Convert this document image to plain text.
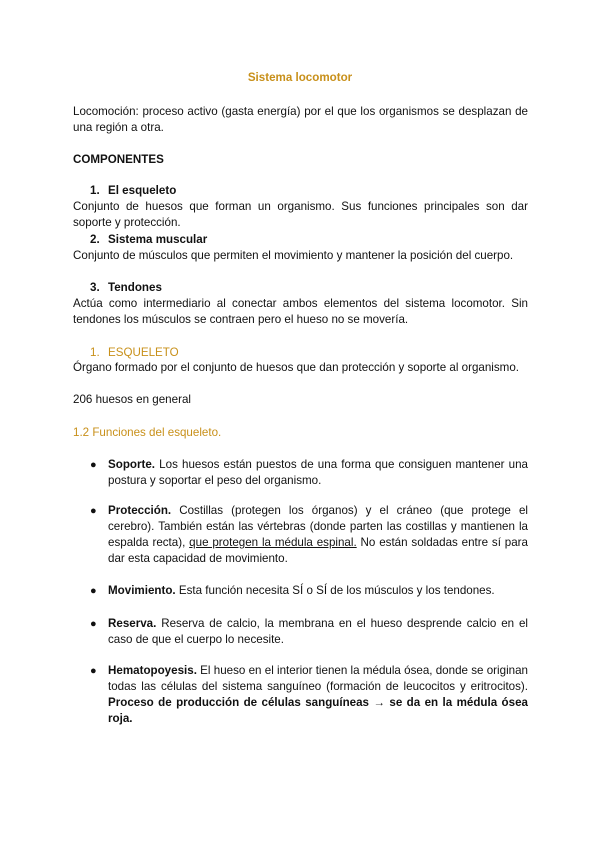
Sistema locomotor
Locomoción: proceso activo (gasta energía) por el que los organismos se desplazan de una región a otra.
COMPONENTES
1. El esqueleto
Conjunto de huesos que forman un organismo. Sus funciones principales son dar soporte y protección.
2. Sistema muscular
Conjunto de músculos que permiten el movimiento y mantener la posición del cuerpo.
3. Tendones
Actúa como intermediario al conectar ambos elementos del sistema locomotor. Sin tendones los músculos se contraen pero el hueso no se movería.
1. ESQUELETO
Órgano formado por el conjunto de huesos que dan protección y soporte al organismo.
206 huesos en general
1.2 Funciones del esqueleto.
● Soporte. Los huesos están puestos de una forma que consiguen mantener una postura y soportar el peso del organismo.
● Protección. Costillas (protegen los órganos) y el cráneo (que protege el cerebro). También están las vértebras (donde parten las costillas y mantienen la espalda recta), que protegen la médula espinal. No están soldadas entre sí para dar esta capacidad de movimiento.
● Movimiento. Esta función necesita SÍ o SÍ de los músculos y los tendones.
● Reserva. Reserva de calcio, la membrana en el hueso desprende calcio en el caso de que el cuerpo lo necesite.
● Hematopoyesis. El hueso en el interior tienen la médula ósea, donde se originan todas las células del sistema sanguíneo (formación de leucocitos y eritrocitos). Proceso de producción de células sanguíneas → se da en la médula ósea roja.
